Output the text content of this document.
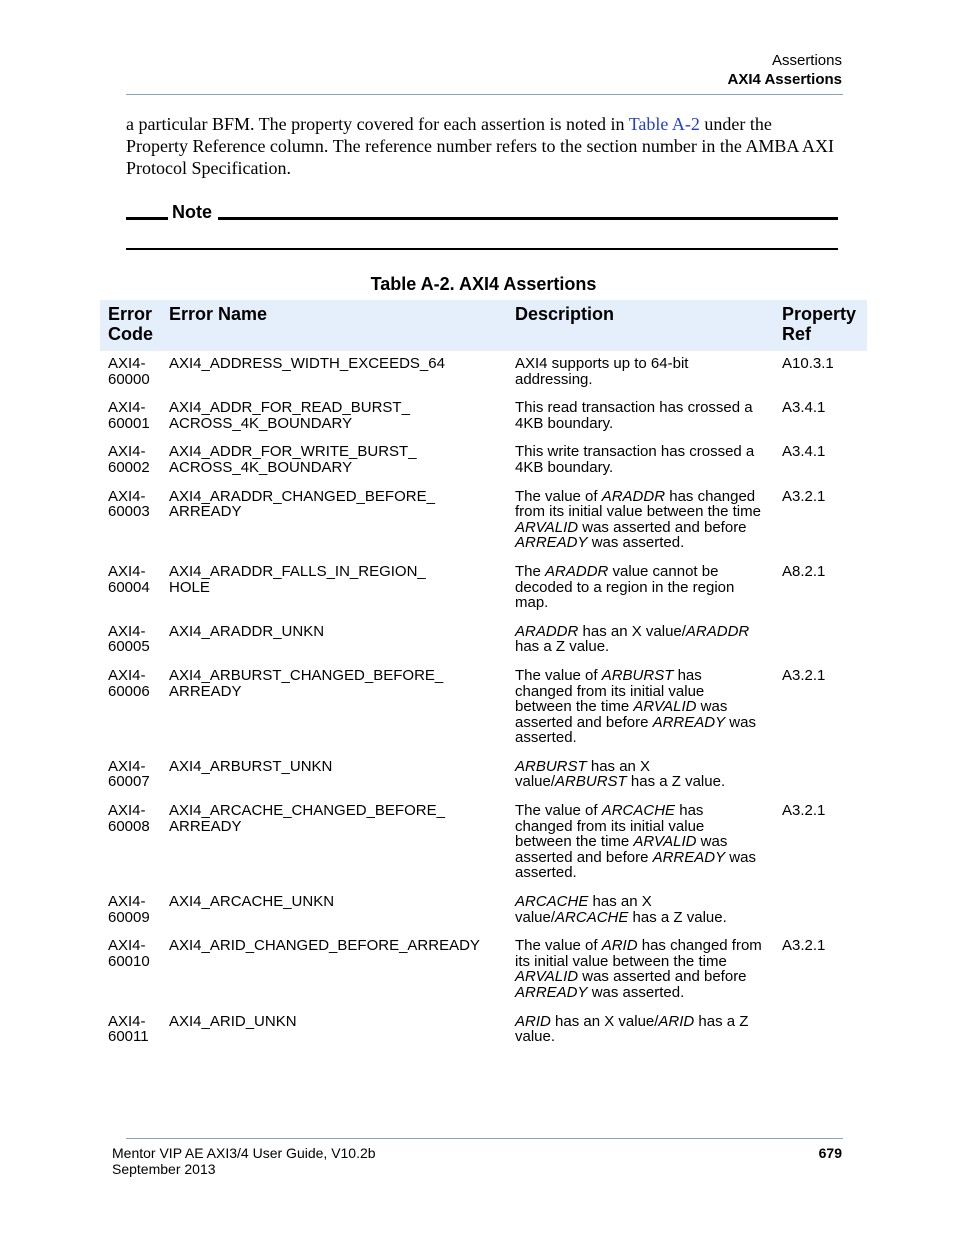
Assertions
AXI4 Assertions
a particular BFM. The property covered for each assertion is noted in Table A-2 under the Property Reference column. The reference number refers to the section number in the AMBA AXI Protocol Specification.
Note
Table A-2. AXI4 Assertions
Error
Code	Error Name	Description	Property
Ref
AXI4-
60000	AXI4_ADDRESS_WIDTH_EXCEEDS_64	AXI4 supports up to 64-bit
addressing.	A10.3.1
AXI4-
60001	AXI4_ADDR_FOR_READ_BURST_
ACROSS_4K_BOUNDARY	This read transaction has crossed a
4KB boundary.	A3.4.1
AXI4-
60002	AXI4_ADDR_FOR_WRITE_BURST_
ACROSS_4K_BOUNDARY	This write transaction has crossed a
4KB boundary.	A3.4.1
AXI4-
60003	AXI4_ARADDR_CHANGED_BEFORE_
ARREADY	The value of ARADDR has changed
from its initial value between the time
ARVALID was asserted and before
ARREADY was asserted.	A3.2.1
AXI4-
60004	AXI4_ARADDR_FALLS_IN_REGION_
HOLE	The ARADDR value cannot be
decoded to a region in the region
map.	A8.2.1
AXI4-
60005	AXI4_ARADDR_UNKN	ARADDR has an X value/ARADDR
has a Z value.	
AXI4-
60006	AXI4_ARBURST_CHANGED_BEFORE_
ARREADY	The value of ARBURST has
changed from its initial value
between the time ARVALID was
asserted and before ARREADY was
asserted.	A3.2.1
AXI4-
60007	AXI4_ARBURST_UNKN	ARBURST has an X
value/ARBURST has a Z value.	
AXI4-
60008	AXI4_ARCACHE_CHANGED_BEFORE_
ARREADY	The value of ARCACHE has
changed from its initial value
between the time ARVALID was
asserted and before ARREADY was
asserted.	A3.2.1
AXI4-
60009	AXI4_ARCACHE_UNKN	ARCACHE has an X
value/ARCACHE has a Z value.	
AXI4-
60010	AXI4_ARID_CHANGED_BEFORE_ARREADY	The value of ARID has changed from
its initial value between the time
ARVALID was asserted and before
ARREADY was asserted.	A3.2.1
AXI4-
60011	AXI4_ARID_UNKN	ARID has an X value/ARID has a Z
value.	
Mentor VIP AE AXI3/4 User Guide, V10.2b
September 2013
679
